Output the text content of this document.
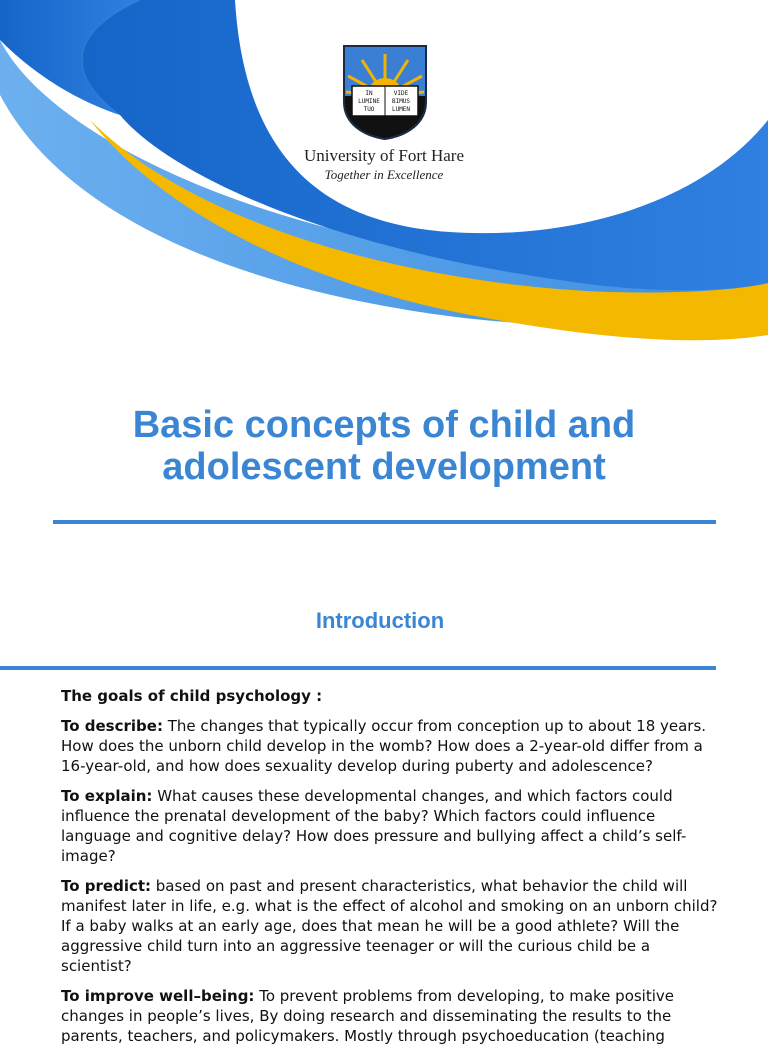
IN	VIDE
LUMINE BIMUS
TUO	LUMEN
University of Fort Hare
Together in Excellence
Basic concepts of child and
adolescent development
Introduction

The goals of child psychology :

To describe: The changes that typically occur from conception up to about 18 years. How does the unborn child develop in the womb? How does a 2-year-old differ from a 16-year-old, and how does sexuality develop during puberty and adolescence?

To explain: What causes these developmental changes, and which factors could influence the prenatal development of the baby? Which factors could influence language and cognitive delay? How does pressure and bullying affect a child’s self-image?

To predict: based on past and present characteristics, what behavior the child will manifest later in life, e.g. what is the effect of alcohol and smoking on an unborn child? If a baby walks at an early age, does that mean he will be a good athlete? Will the aggressive child turn into an aggressive teenager or will the curious child be a scientist?

To improve well–being: To prevent problems from developing, to make positive changes in people’s lives, By doing research and disseminating the results to the parents, teachers, and policymakers. Mostly through psychoeducation (teaching
